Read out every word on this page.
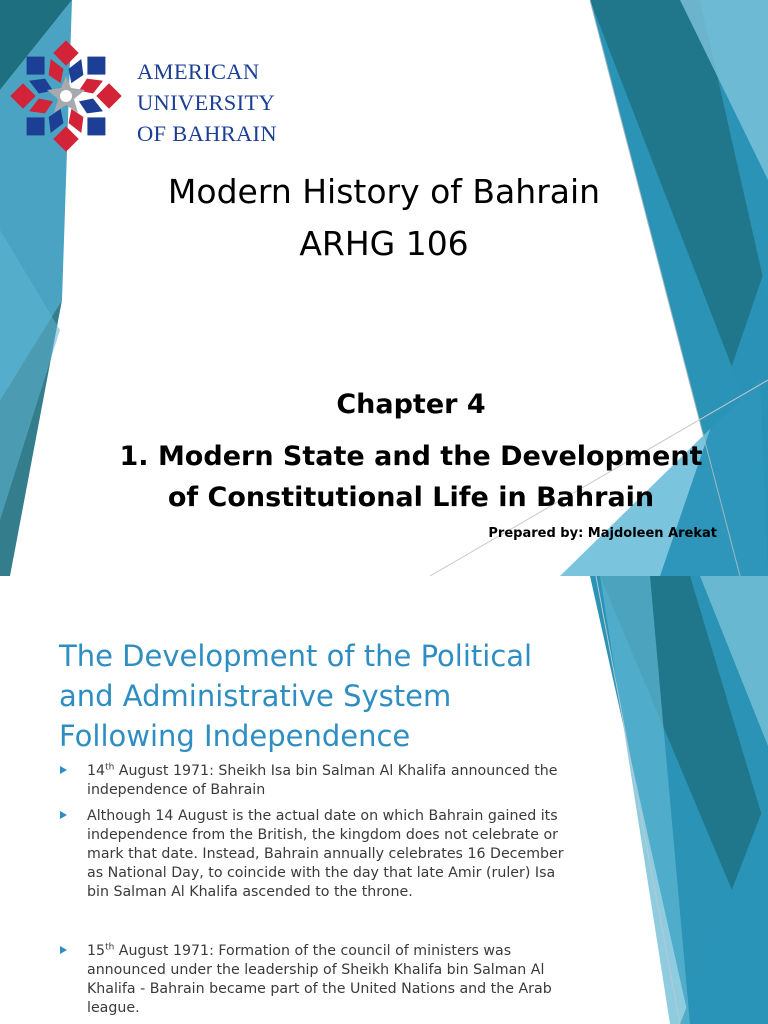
AMERICAN
UNIVERSITY
OF BAHRAIN
Modern History of Bahrain
ARHG 106
Chapter 4
1. Modern State and the Development
of Constitutional Life in Bahrain
Prepared by: Majdoleen Arekat
The Development of the Political and Administrative System Following Independence
14th August 1971: Sheikh Isa bin Salman Al Khalifa announced the independence of Bahrain
Although 14 August is the actual date on which Bahrain gained its independence from the British, the kingdom does not celebrate or mark that date. Instead, Bahrain annually celebrates 16 December as National Day, to coincide with the day that late Amir (ruler) Isa bin Salman Al Khalifa ascended to the throne.
15th August 1971: Formation of the council of ministers was announced under the leadership of Sheikh Khalifa bin Salman Al Khalifa - Bahrain became part of the United Nations and the Arab league.
